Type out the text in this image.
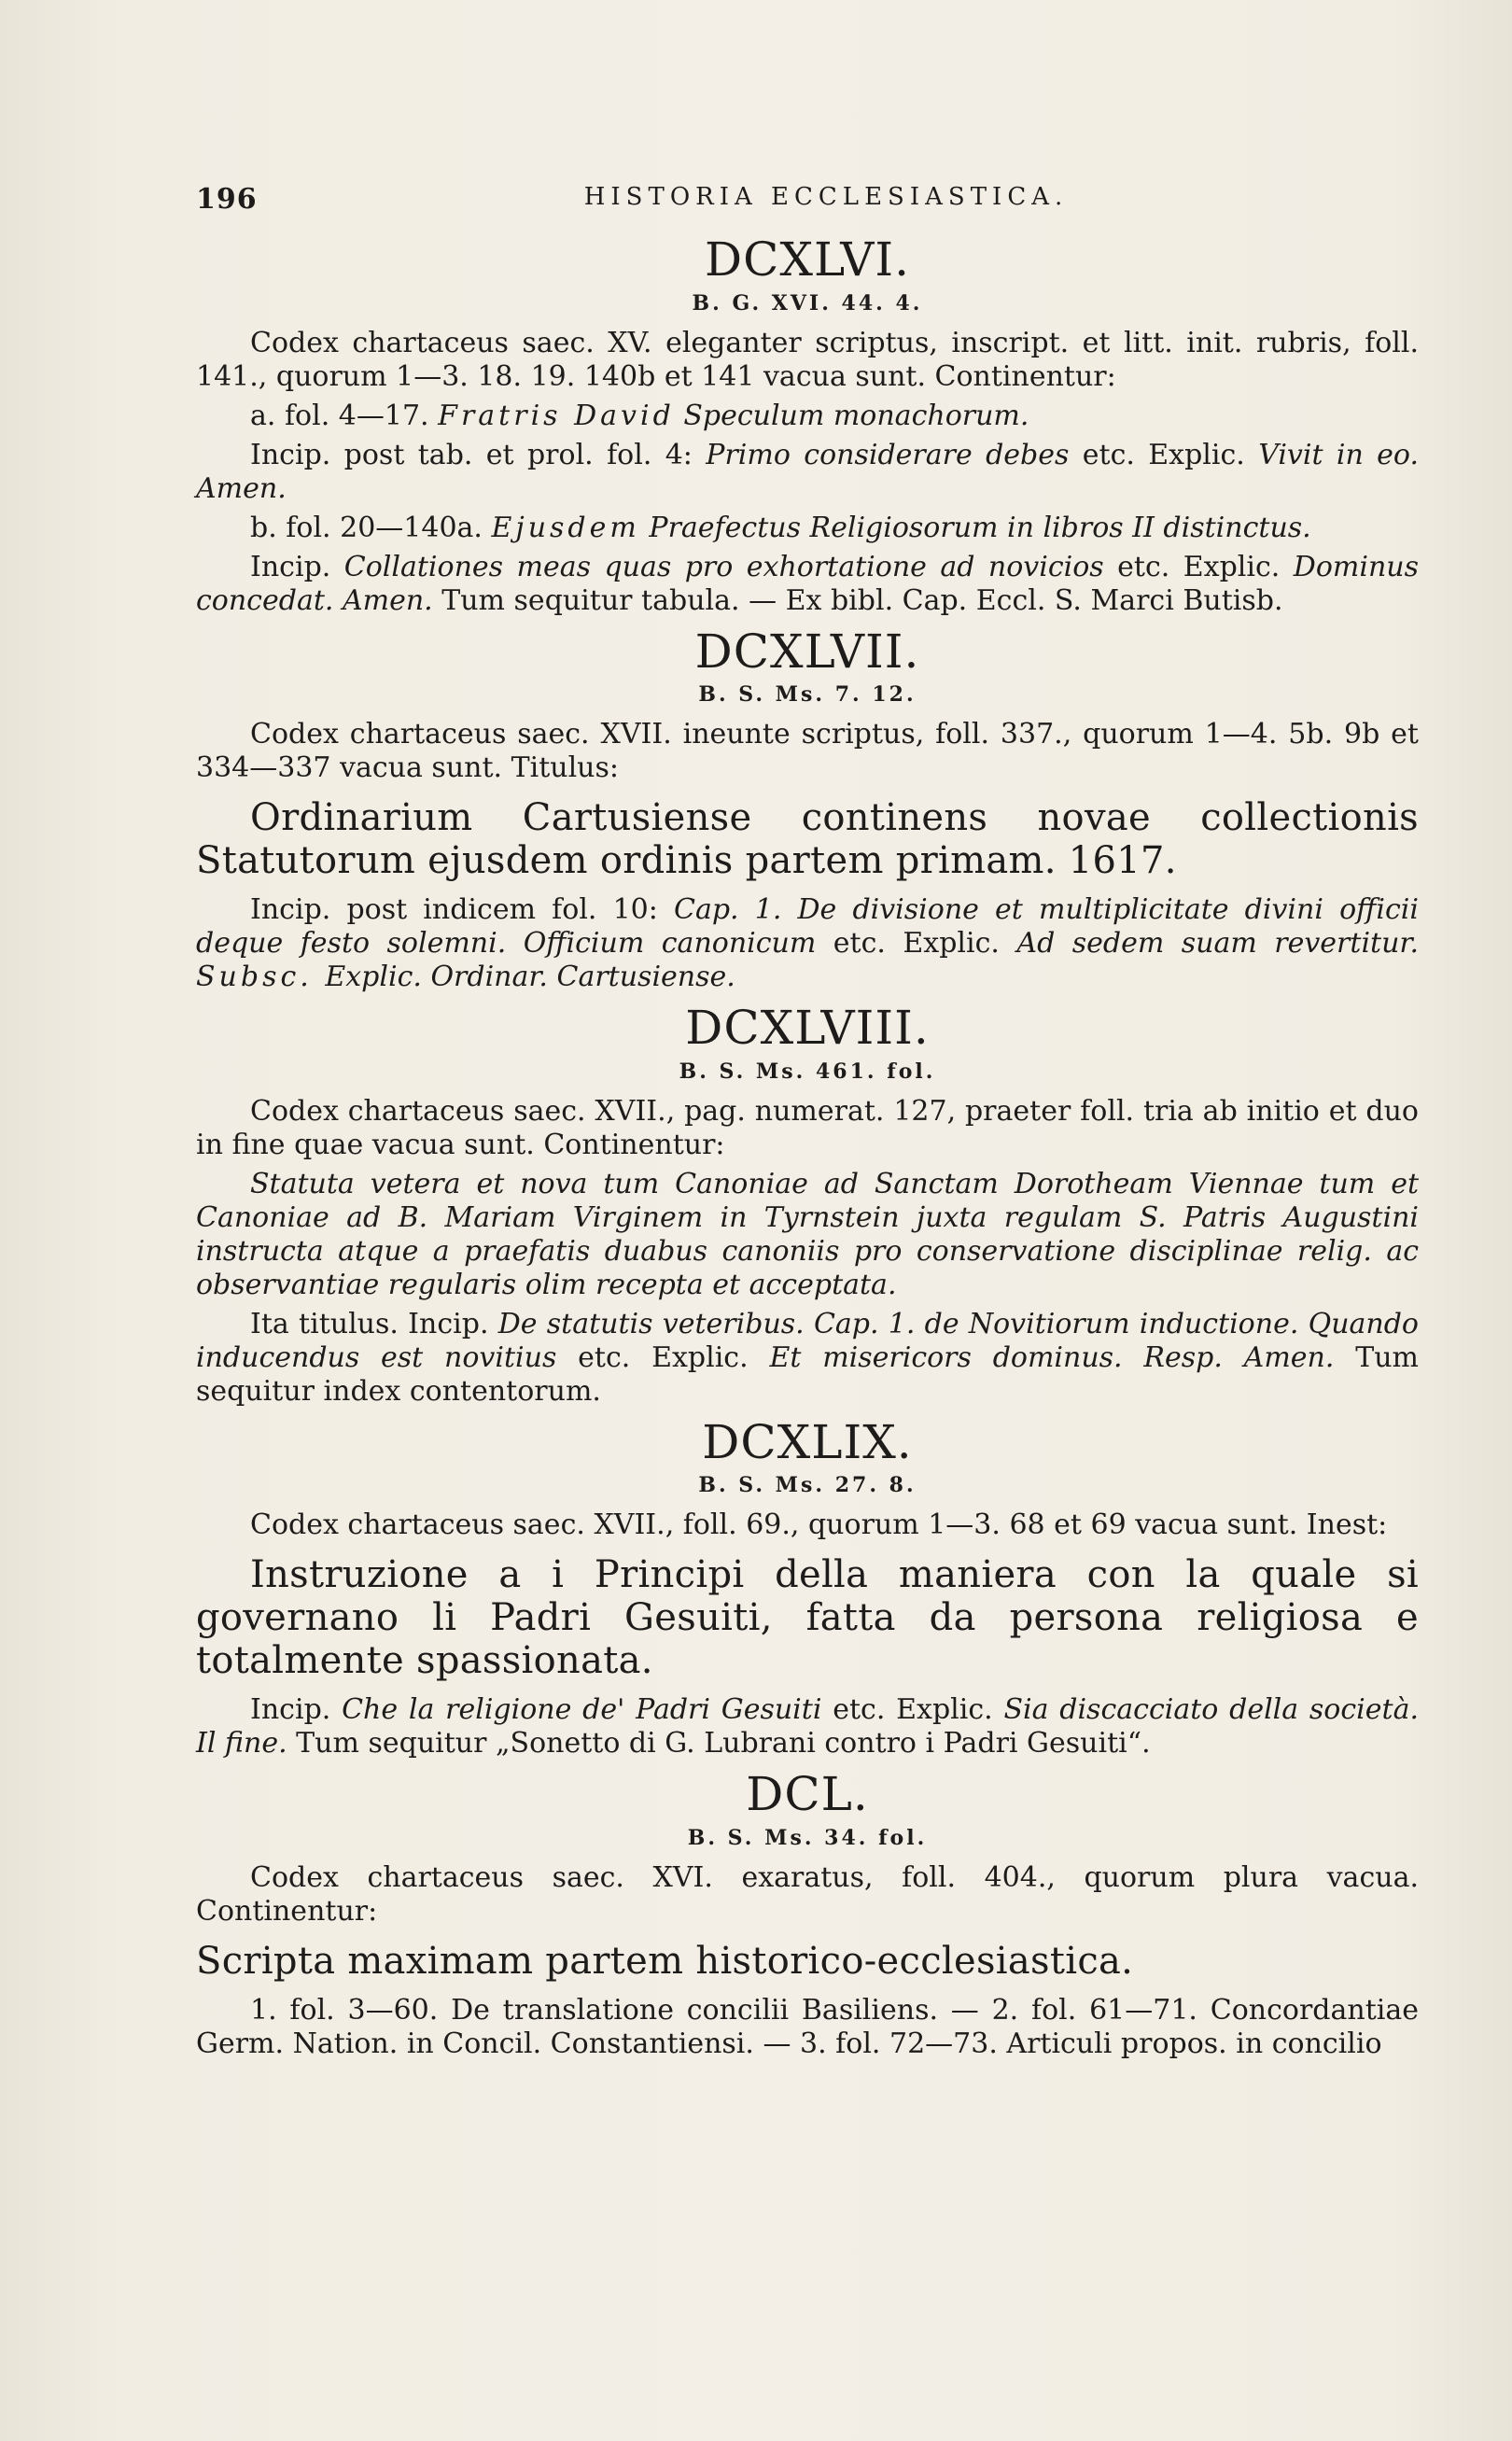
196	HISTORIA ECCLESIASTICA.
DCXLVI.
B. G. XVI. 44. 4.

Codex chartaceus saec. XV. eleganter scriptus, inscript. et litt. init. rubris, foll. 141., quorum 1—3. 18. 19. 140b et 141 vacua sunt. Continentur:

a. fol. 4—17. Fratris David Speculum monachorum.

Incip. post tab. et prol. fol. 4: Primo considerare debes etc. Explic. Vivit in eo. Amen.

b. fol. 20—140a. Ejusdem Praefectus Religiosorum in libros II distinctus.

Incip. Collationes meas quas pro exhortatione ad novicios etc. Explic. Dominus concedat. Amen. Tum sequitur tabula. — Ex bibl. Cap. Eccl. S. Marci Butisb.

DCXLVII.
B. S. Ms. 7. 12.

Codex chartaceus saec. XVII. ineunte scriptus, foll. 337., quorum 1—4. 5b. 9b et 334—337 vacua sunt. Titulus:

Ordinarium Cartusiense continens novae collectionis Statutorum ejusdem ordinis partem primam. 1617.

Incip. post indicem fol. 10: Cap. 1. De divisione et multiplicitate divini officii deque festo solemni. Officium canonicum etc. Explic. Ad sedem suam revertitur. Subsc. Explic. Ordinar. Cartusiense.

DCXLVIII.
B. S. Ms. 461. fol.

Codex chartaceus saec. XVII., pag. numerat. 127, praeter foll. tria ab initio et duo in fine quae vacua sunt. Continentur:

Statuta vetera et nova tum Canoniae ad Sanctam Dorotheam Viennae tum et Canoniae ad B. Mariam Virginem in Tyrnstein juxta regulam S. Patris Augustini instructa atque a praefatis duabus canoniis pro conservatione disciplinae relig. ac observantiae regularis olim recepta et acceptata.

Ita titulus. Incip. De statutis veteribus. Cap. 1. de Novitiorum inductione. Quando inducendus est novitius etc. Explic. Et misericors dominus. Resp. Amen. Tum sequitur index contentorum.

DCXLIX.
B. S. Ms. 27. 8.

Codex chartaceus saec. XVII., foll. 69., quorum 1—3. 68 et 69 vacua sunt. Inest:

Instruzione a i Principi della maniera con la quale si governano li Padri Gesuiti, fatta da persona religiosa e totalmente spassionata.

Incip. Che la religione de' Padri Gesuiti etc. Explic. Sia discacciato della società. Il fine. Tum sequitur „Sonetto di G. Lubrani contro i Padri Gesuiti“.

DCL.
B. S. Ms. 34. fol.

Codex chartaceus saec. XVI. exaratus, foll. 404., quorum plura vacua. Continentur:

Scripta maximam partem historico-ecclesiastica.

1. fol. 3—60. De translatione concilii Basiliens. — 2. fol. 61—71. Concordantiae Germ. Nation. in Concil. Constantiensi. — 3. fol. 72—73. Articuli propos. in concilio
